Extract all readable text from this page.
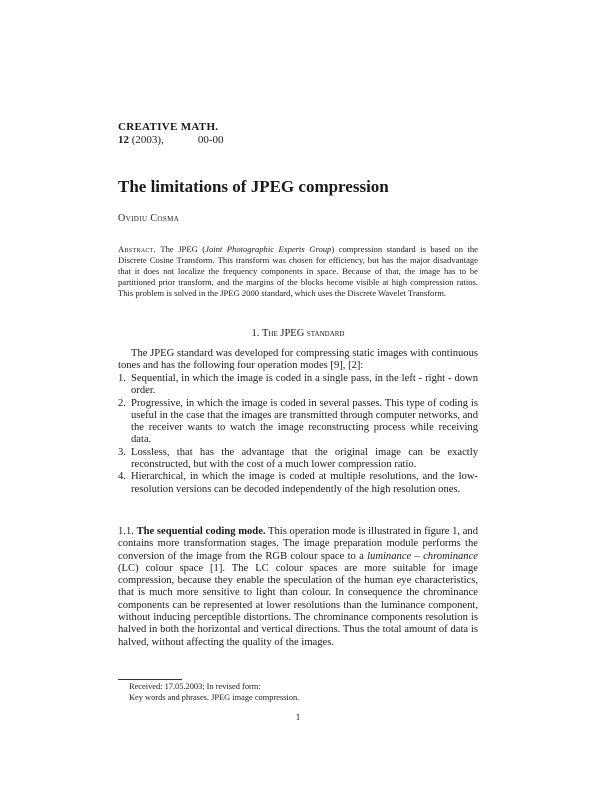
CREATIVE MATH.
12 (2003),	00-00
The limitations of JPEG compression
Ovidiu Cosma
Abstract. The JPEG (Joint Photographic Experts Group) compression standard is based on the Discrete Cosine Transform. This transform was chosen for efficiency, but has the major disadvantage that it does not localize the frequency components in space. Because of that, the image has to be partitioned prior transform, and the margins of the blocks become visible at high compression ratios. This problem is solved in the JPEG 2000 standard, which uses the Discrete Wavelet Transform.
1. The JPEG standard
The JPEG standard was developed for compressing static images with continuous tones and has the following four operation modes [9], [2]:
1. Sequential, in which the image is coded in a single pass, in the left - right - down order.
2. Progressive, in which the image is coded in several passes. This type of coding is useful in the case that the images are transmitted through computer networks, and the receiver wants to watch the image reconstructing process while receiving data.
3. Lossless, that has the advantage that the original image can be exactly reconstructed, but with the cost of a much lower compression ratio.
4. Hierarchical, in which the image is coded at multiple resolutions, and the low-resolution versions can be decoded independently of the high resolution ones.
1.1. The sequential coding mode. This operation mode is illustrated in figure 1, and contains more transformation stages. The image preparation module performs the conversion of the image from the RGB colour space to a luminance – chrominance (LC) colour space [1]. The LC colour spaces are more suitable for image compression, because they enable the speculation of the human eye characteristics, that is much more sensitive to light than colour. In consequence the chrominance components can be represented at lower resolutions than the luminance component, without inducing perceptible distortions. The chrominance components resolution is halved in both the horizontal and vertical directions. Thus the total amount of data is halved, without affecting the quality of the images.
Received: 17.05.2003; In revised form:
Key words and phrases. JPEG image compression.
1
